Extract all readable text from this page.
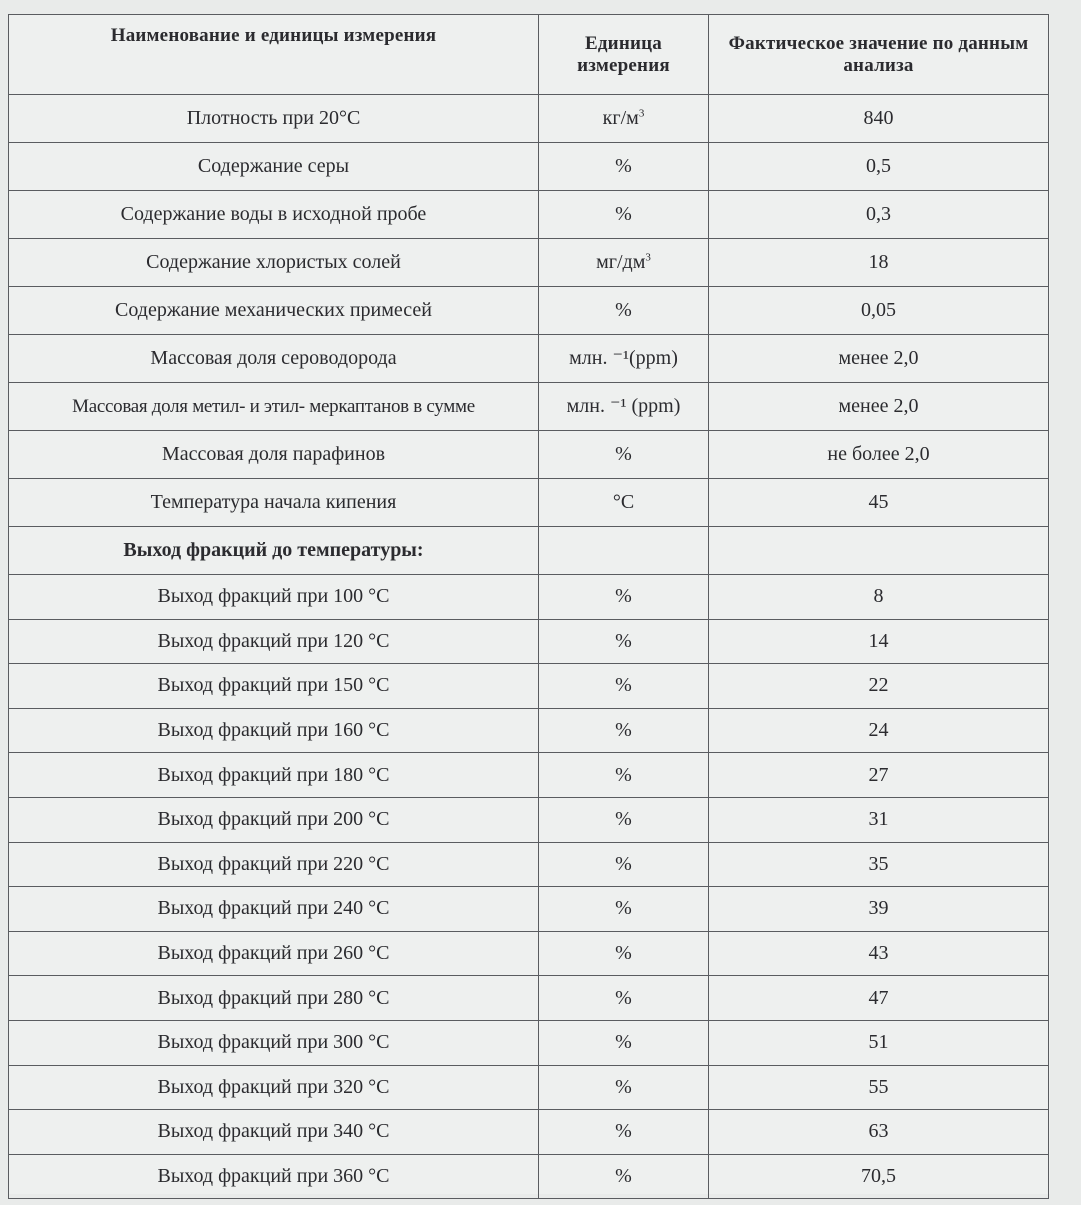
Наименование и единицы измерения	Единица измерения	Фактическое значение по данным анализа
Плотность при 20°С	$кг/м^3$	840
Содержание серы	%	0,5
Содержание воды в исходной пробе	%	0,3
Содержание хлористых солей	$мг/дм^3$	18
Содержание механических примесей	%	0,05
Массовая доля сероводорода	млн. ⁻¹(ppm)	менее 2,0
Массовая доля метил- и этил- меркаптанов в сумме	млн. ⁻¹ (ppm)	менее 2,0
Массовая доля парафинов	%	не более 2,0
Температура начала кипения	°С	45
Выход фракций до температуры:		
Выход фракций при 100 °С	%	8
Выход фракций при 120 °С	%	14
Выход фракций при 150 °С	%	22
Выход фракций при 160 °С	%	24
Выход фракций при 180 °С	%	27
Выход фракций при 200 °С	%	31
Выход фракций при 220 °С	%	35
Выход фракций при 240 °С	%	39
Выход фракций при 260 °С	%	43
Выход фракций при 280 °С	%	47
Выход фракций при 300 °С	%	51
Выход фракций при 320 °С	%	55
Выход фракций при 340 °С	%	63
Выход фракций при 360 °С	%	70,5
